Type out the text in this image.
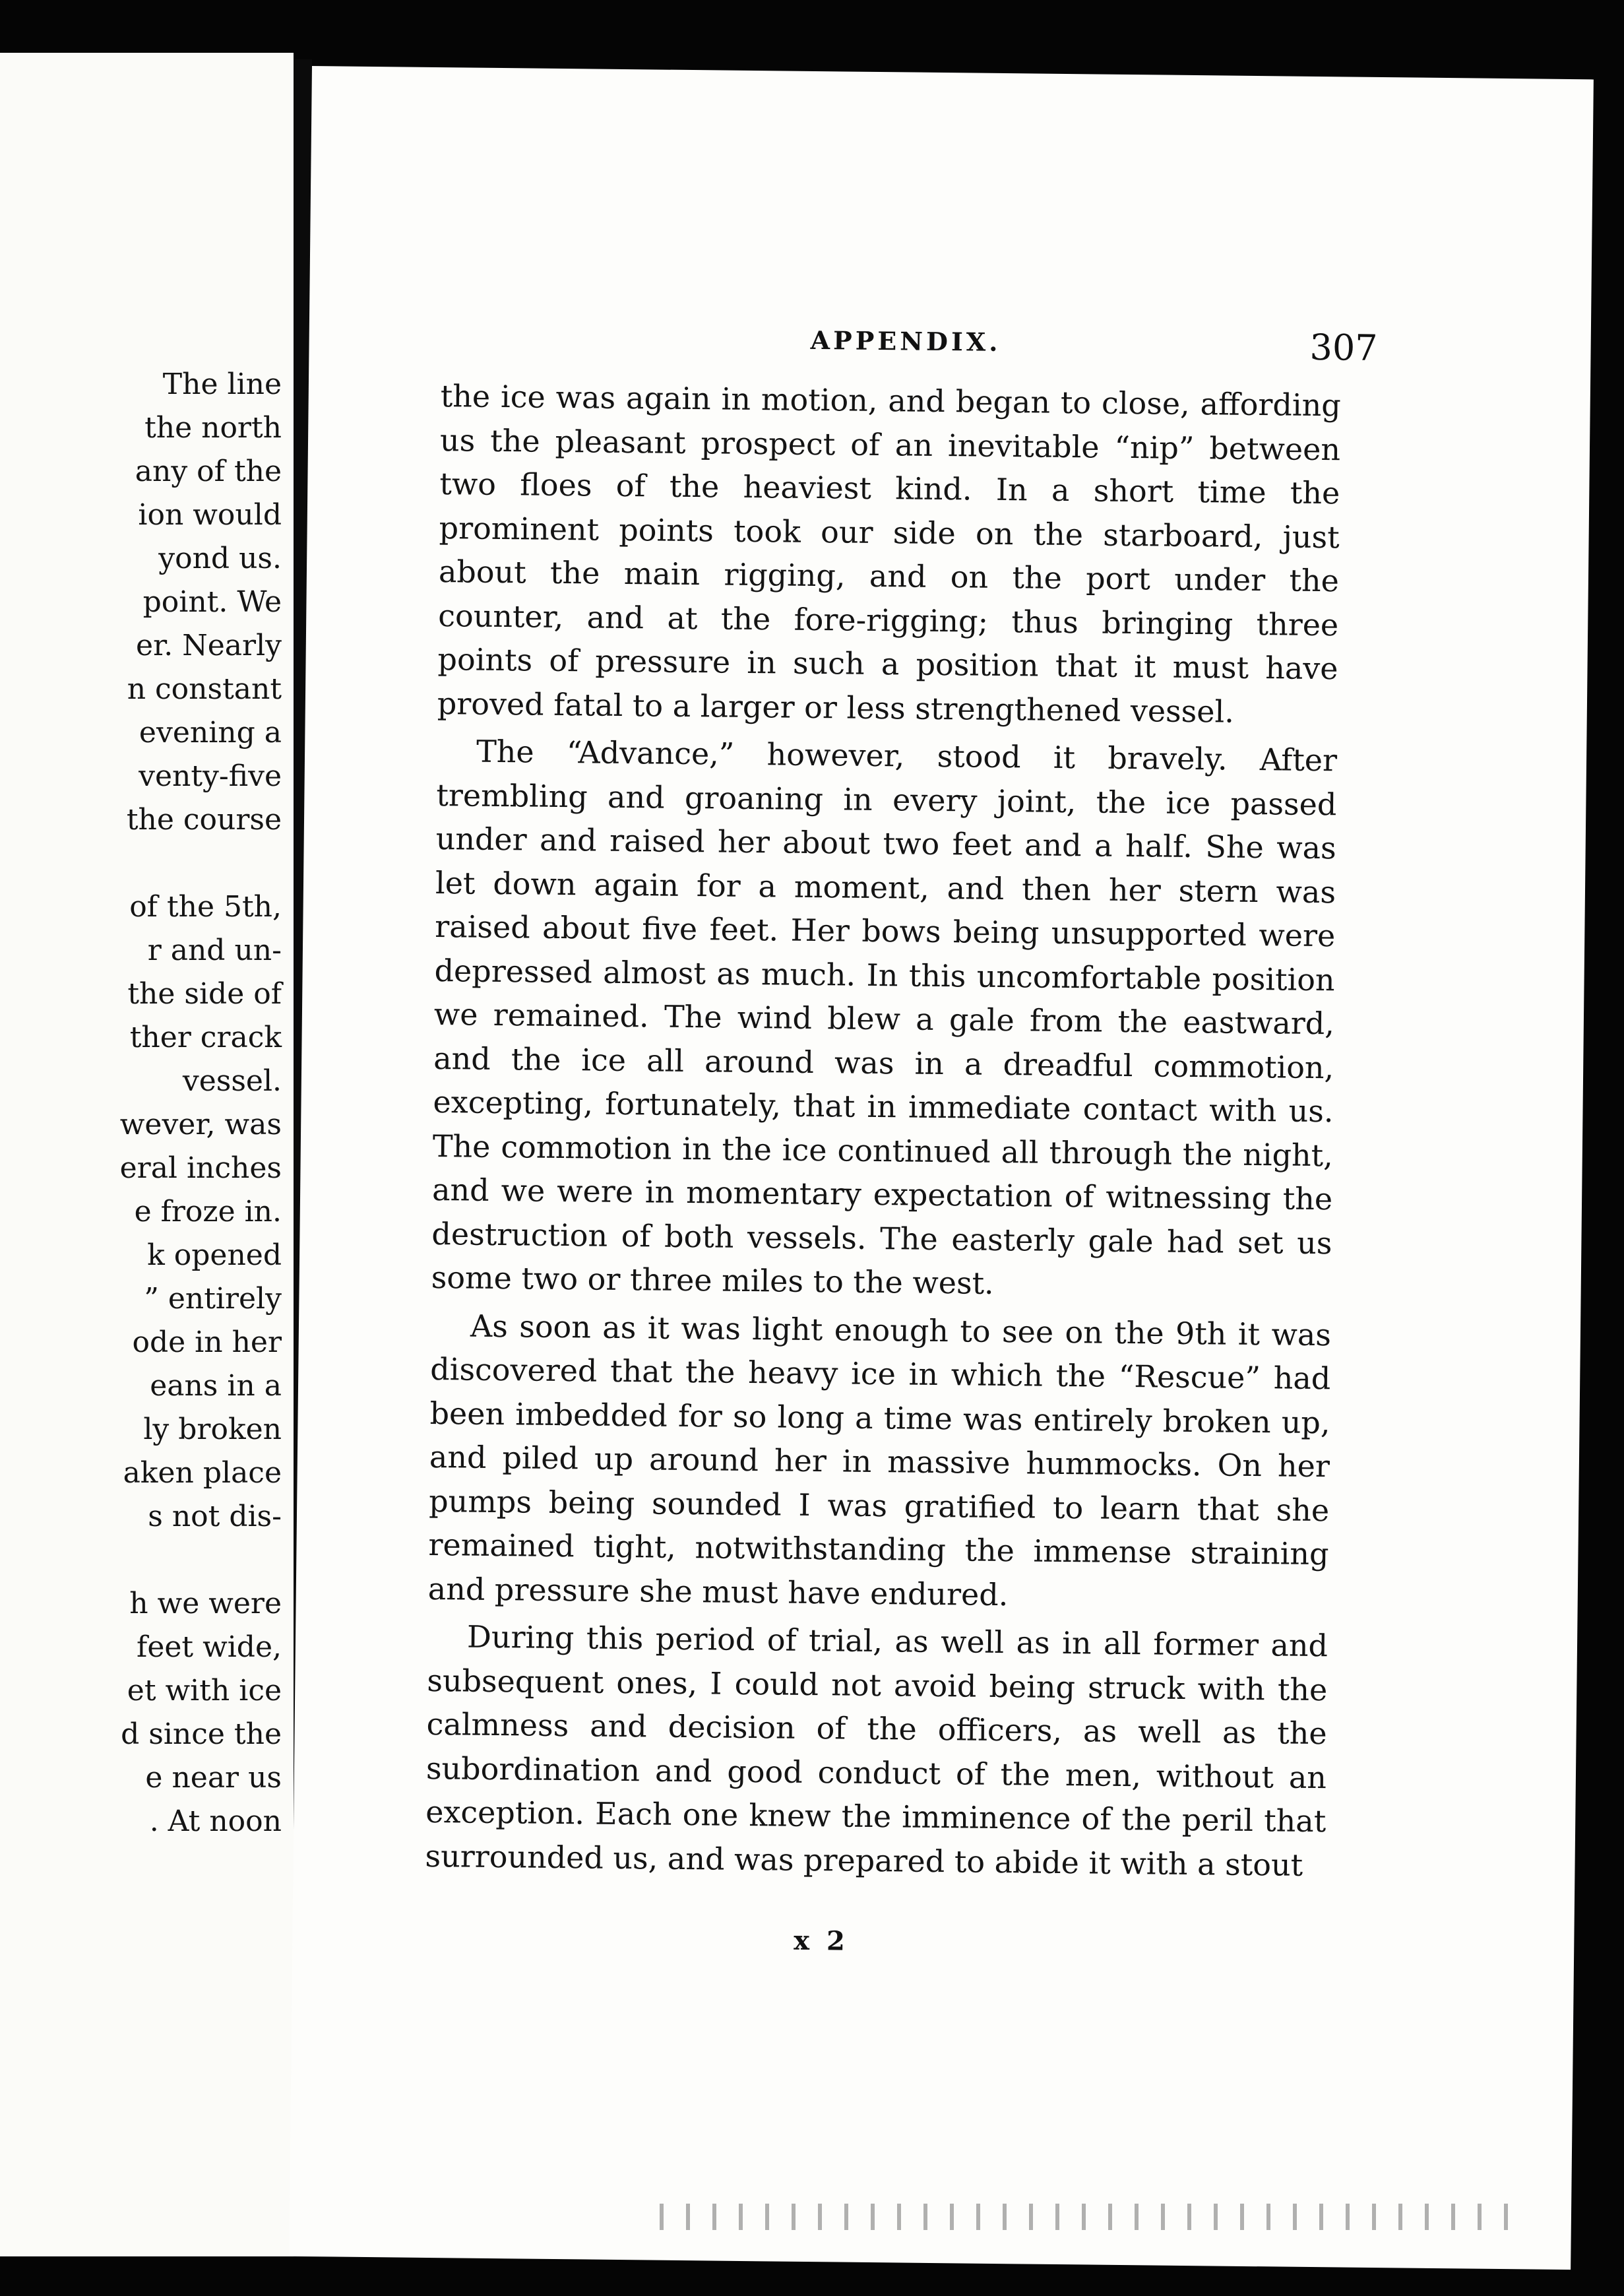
The line
the north
any of the
ion would
yond us.
point. We
er. Nearly
n constant
evening a
venty-five
the course
of the 5th,
r and un-
the side of
ther crack
vessel.
wever, was
eral inches
e froze in.
k opened
” entirely
ode in her
eans in a
ly broken
aken place
s not dis-
h we were
feet wide,
et with ice
d since the
e near us
. At noon
APPENDIX.	307

the ice was again in motion, and began to close, affording us the pleasant prospect of an inevitable “nip” between two floes of the heaviest kind. In a short time the prominent points took our side on the starboard, just about the main rigging, and on the port under the counter, and at the fore-rigging; thus bringing three points of pressure in such a position that it must have proved fatal to a larger or less strengthened vessel.

The “Advance,” however, stood it bravely. After trembling and groaning in every joint, the ice passed under and raised her about two feet and a half. She was let down again for a moment, and then her stern was raised about five feet. Her bows being unsupported were depressed almost as much. In this uncomfortable position we remained. The wind blew a gale from the eastward, and the ice all around was in a dreadful commotion, excepting, fortunately, that in immediate contact with us. The commotion in the ice continued all through the night, and we were in momentary expectation of witnessing the destruction of both vessels. The easterly gale had set us some two or three miles to the west.

As soon as it was light enough to see on the 9th it was discovered that the heavy ice in which the “Rescue” had been imbedded for so long a time was entirely broken up, and piled up around her in massive hummocks. On her pumps being sounded I was gratified to learn that she remained tight, notwithstanding the immense straining and pressure she must have endured.

During this period of trial, as well as in all former and subsequent ones, I could not avoid being struck with the calmness and decision of the officers, as well as the subordination and good conduct of the men, without an exception. Each one knew the imminence of the peril that surrounded us, and was prepared to abide it with a stout

x 2
